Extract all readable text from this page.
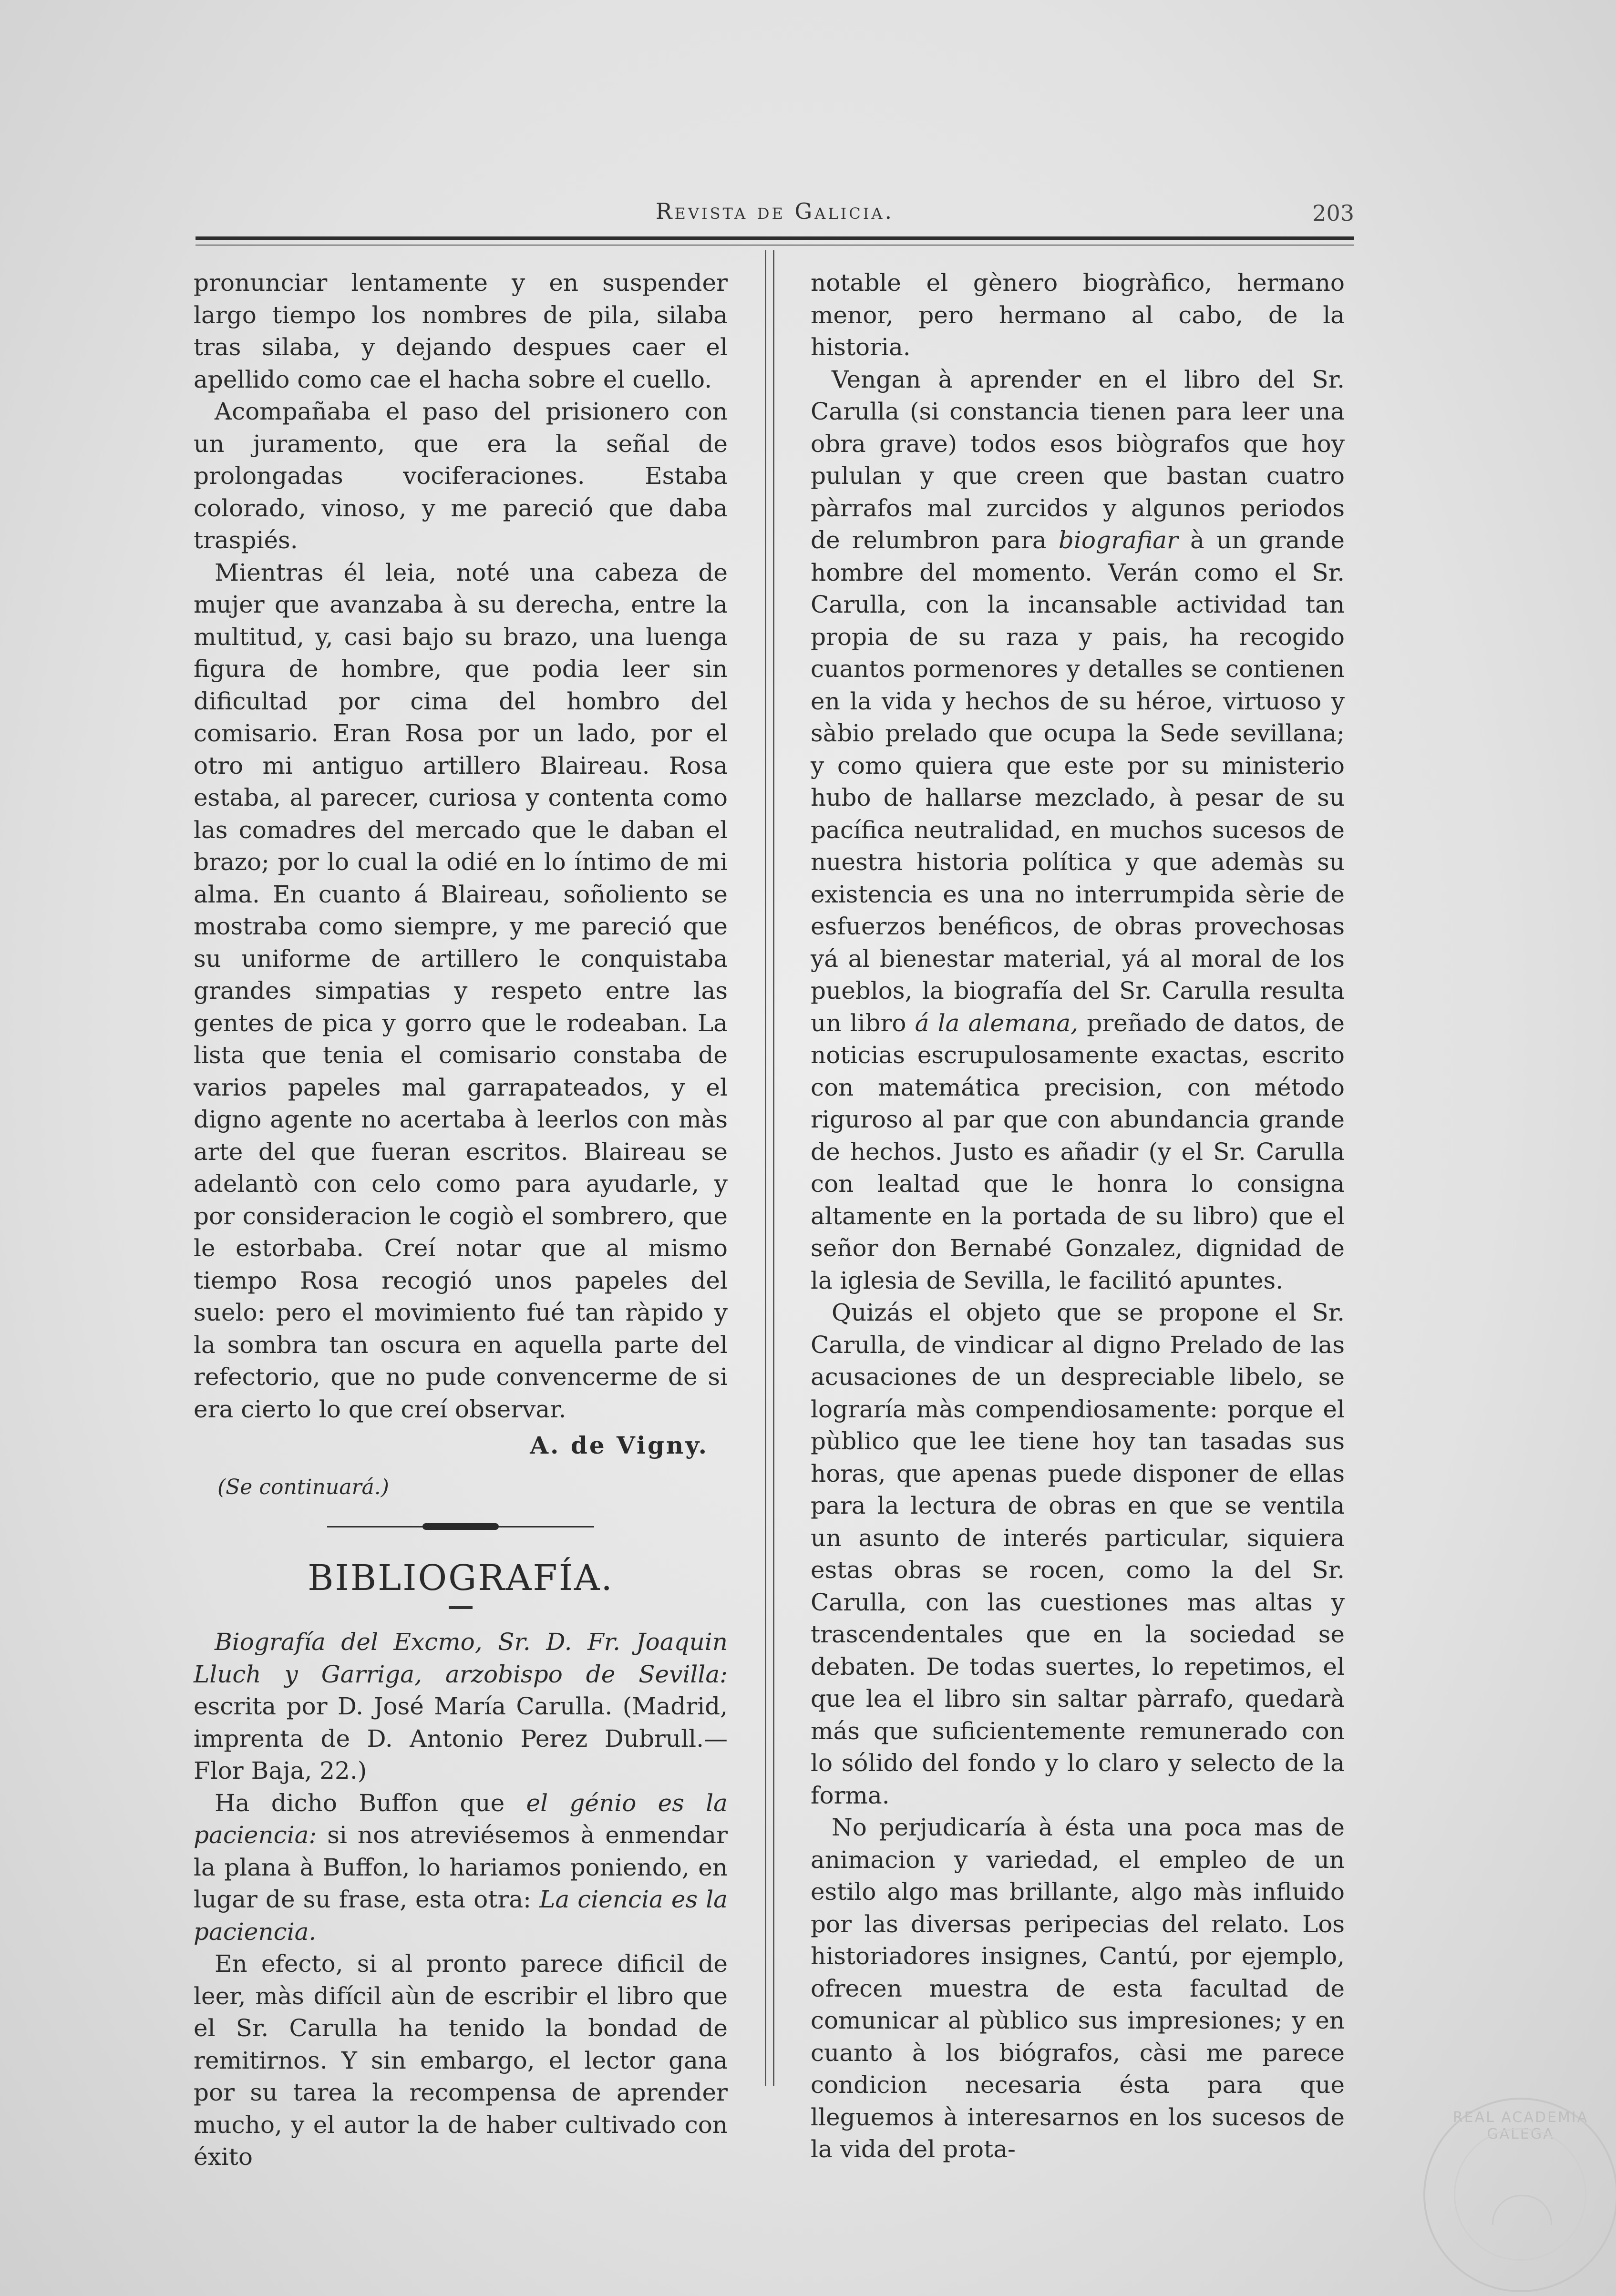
Revista de Galicia.	203

pronunciar lentamente y en suspender largo tiempo los nombres de pila, silaba tras silaba, y dejando despues caer el apellido como cae el hacha sobre el cuello.

Acompañaba el paso del prisionero con un juramento, que era la señal de prolongadas vociferaciones. Estaba colorado, vinoso, y me pareció que daba traspiés.

Mientras él leia, noté una cabeza de mujer que avanzaba à su derecha, entre la multitud, y, casi bajo su brazo, una luenga figura de hombre, que podia leer sin dificultad por cima del hombro del comisario. Eran Rosa por un lado, por el otro mi antiguo artillero Blaireau. Rosa estaba, al parecer, curiosa y contenta como las comadres del mercado que le daban el brazo; por lo cual la odié en lo íntimo de mi alma. En cuanto á Blaireau, soñoliento se mostraba como siempre, y me pareció que su uniforme de artillero le conquistaba grandes simpatias y respeto entre las gentes de pica y gorro que le rodeaban. La lista que tenia el comisario constaba de varios papeles mal garrapateados, y el digno agente no acertaba à leerlos con màs arte del que fueran escritos. Blaireau se adelantò con celo como para ayudarle, y por consideracion le cogiò el sombrero, que le estorbaba. Creí notar que al mismo tiempo Rosa recogió unos papeles del suelo: pero el movimiento fué tan ràpido y la sombra tan oscura en aquella parte del refectorio, que no pude convencerme de si era cierto lo que creí observar.

A. de Vigny.

(Se continuará.)

BIBLIOGRAFÍA.

Biografía del Excmo, Sr. D. Fr. Joaquin Lluch y Garriga, arzobispo de Sevilla: escrita por D. José María Carulla. (Madrid, imprenta de D. Antonio Perez Dubrull.—Flor Baja, 22.)

Ha dicho Buffon que el génio es la paciencia: si nos atreviésemos à enmendar la plana à Buffon, lo hariamos poniendo, en lugar de su frase, esta otra: La ciencia es la paciencia.

En efecto, si al pronto parece dificil de leer, màs difícil aùn de escribir el libro que el Sr. Carulla ha tenido la bondad de remitirnos. Y sin embargo, el lector gana por su tarea la recompensa de aprender mucho, y el autor la de haber cultivado con éxito

notable el gènero biogràfico, hermano menor, pero hermano al cabo, de la historia.

Vengan à aprender en el libro del Sr. Carulla (si constancia tienen para leer una obra grave) todos esos biògrafos que hoy pululan y que creen que bastan cuatro pàrrafos mal zurcidos y algunos periodos de relumbron para biografiar à un grande hombre del momento. Verán como el Sr. Carulla, con la incansable actividad tan propia de su raza y pais, ha recogido cuantos pormenores y detalles se contienen en la vida y hechos de su héroe, virtuoso y sàbio prelado que ocupa la Sede sevillana; y como quiera que este por su ministerio hubo de hallarse mezclado, à pesar de su pacífica neutralidad, en muchos sucesos de nuestra historia política y que ademàs su existencia es una no interrumpida sèrie de esfuerzos benéficos, de obras provechosas yá al bienestar material, yá al moral de los pueblos, la biografía del Sr. Carulla resulta un libro á la alemana, preñado de datos, de noticias escrupulosamente exactas, escrito con matemática precision, con método riguroso al par que con abundancia grande de hechos. Justo es añadir (y el Sr. Carulla con lealtad que le honra lo consigna altamente en la portada de su libro) que el señor don Bernabé Gonzalez, dignidad de la iglesia de Sevilla, le facilitó apuntes.

Quizás el objeto que se propone el Sr. Carulla, de vindicar al digno Prelado de las acusaciones de un despreciable libelo, se lograría màs compendiosamente: porque el pùblico que lee tiene hoy tan tasadas sus horas, que apenas puede disponer de ellas para la lectura de obras en que se ventila un asunto de interés particular, siquiera estas obras se rocen, como la del Sr. Carulla, con las cuestiones mas altas y trascendentales que en la sociedad se debaten. De todas suertes, lo repetimos, el que lea el libro sin saltar pàrrafo, quedarà más que suficientemente remunerado con lo sólido del fondo y lo claro y selecto de la forma.

No perjudicaría à ésta una poca mas de animacion y variedad, el empleo de un estilo algo mas brillante, algo màs influido por las diversas peripecias del relato. Los historiadores insignes, Cantú, por ejemplo, ofrecen muestra de esta facultad de comunicar al pùblico sus impresiones; y en cuanto à los biógrafos, càsi me parece condicion necesaria ésta para que lleguemos à interesarnos en los sucesos de la vida del prota-

REAL ACADEMIA GALEGA
